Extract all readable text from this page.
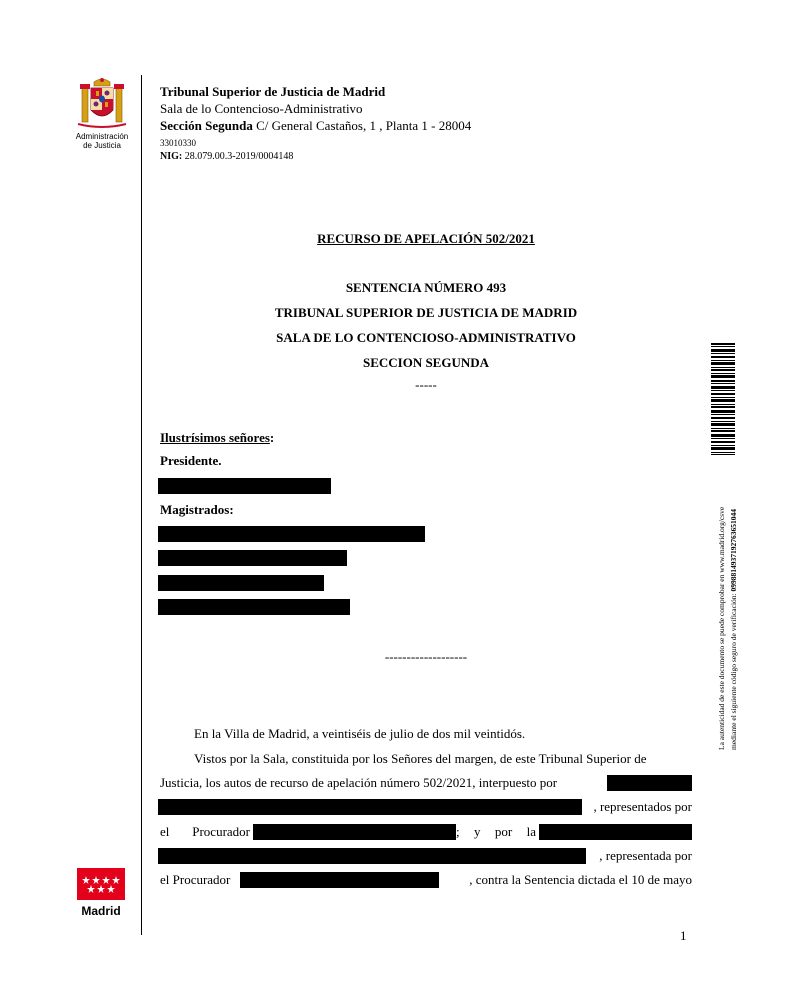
Administración
de Justicia
Tribunal Superior de Justicia de Madrid
Sala de lo Contencioso-Administrativo
Sección Segunda C/ General Castaños, 1 , Planta 1 - 28004
33010330
NIG: 28.079.00.3-2019/0004148
RECURSO DE APELACIÓN 502/2021
SENTENCIA NÚMERO 493
TRIBUNAL SUPERIOR DE JUSTICIA DE MADRID
SALA DE LO CONTENCIOSO-ADMINISTRATIVO
SECCION SEGUNDA
-----
Ilustrísimos señores:
Presidente.
Magistrados:
-------------------
En la Villa de Madrid, a veintiséis de julio de dos mil veintidós.
Vistos por la Sala, constituida por los Señores del margen, de este Tribunal Superior de
Justicia, los autos de recurso de apelación número 502/2021, interpuesto por
, representados por
el Procurador	; y por la
, representada por
el Procurador	, contra la Sentencia dictada el 10 de mayo
Madrid
La autenticidad de este documento se puede comprobar en www.madrid.org/csve mediante el siguiente código seguro de verificación: 0998814937192763651044
1
